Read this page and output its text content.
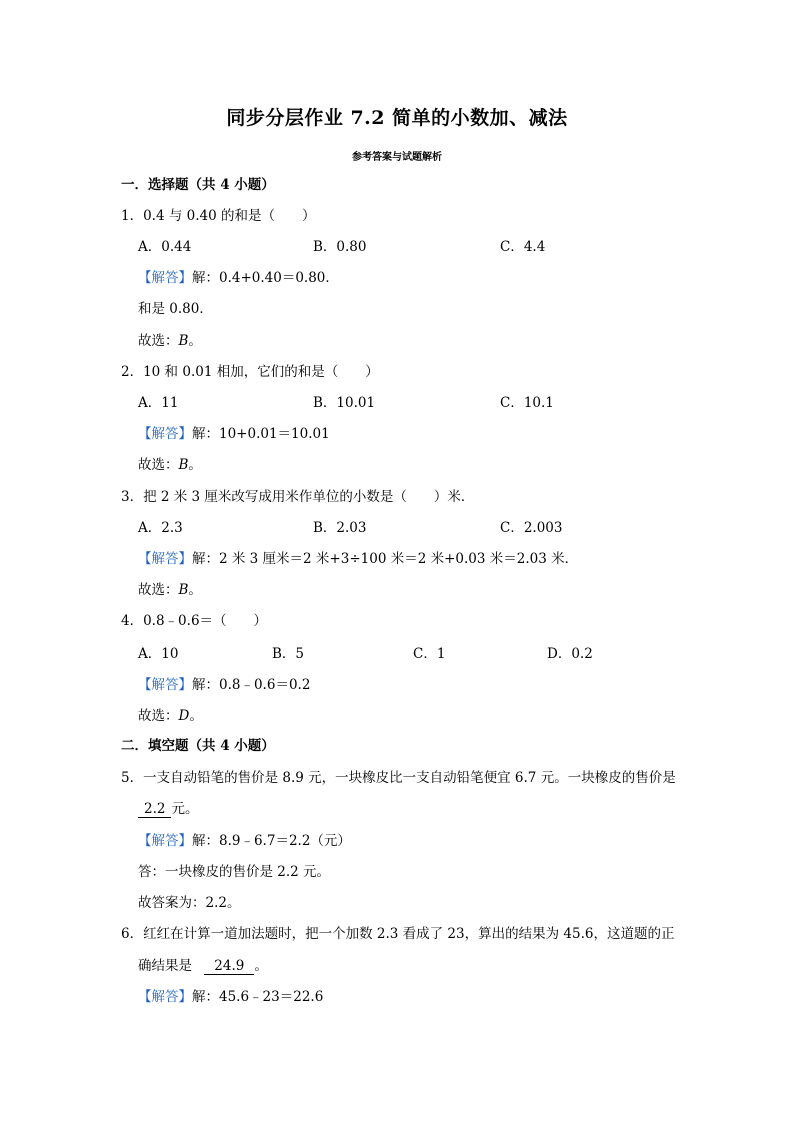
同步分层作业 7.2 简单的小数加、减法
参考答案与试题解析
一．选择题（共 4 小题）
1．0.4 与 0.40 的和是（　　）
A．0.44	B．0.80	C．4.4
【解答】解：0.4+0.40＝0.80．
和是 0.80．
故选：B。
2．10 和 0.01 相加，它们的和是（　　）
A．11	B．10.01	C．10.1
【解答】解：10+0.01＝10.01
故选：B。
3．把 2 米 3 厘米改写成用米作单位的小数是（　　）米．
A．2.3	B．2.03	C．2.003
【解答】解：2 米 3 厘米＝2 米+3÷100 米＝2 米+0.03 米＝2.03 米．
故选：B。
4．0.8﹣0.6＝（　　）
A．10	B．5	C．1	D．0.2
【解答】解：0.8﹣0.6＝0.2
故选：D。
二．填空题（共 4 小题）
5．一支自动铅笔的售价是 8.9 元，一块橡皮比一支自动铅笔便宜 6.7 元。一块橡皮的售价是
2.2 元。
【解答】解：8.9﹣6.7＝2.2（元）
答：一块橡皮的售价是 2.2 元。
故答案为：2.2。
6．红红在计算一道加法题时，把一个加数 2.3 看成了 23，算出的结果为 45.6，这道题的正
确结果是 24.9 。
【解答】解：45.6﹣23＝22.6
